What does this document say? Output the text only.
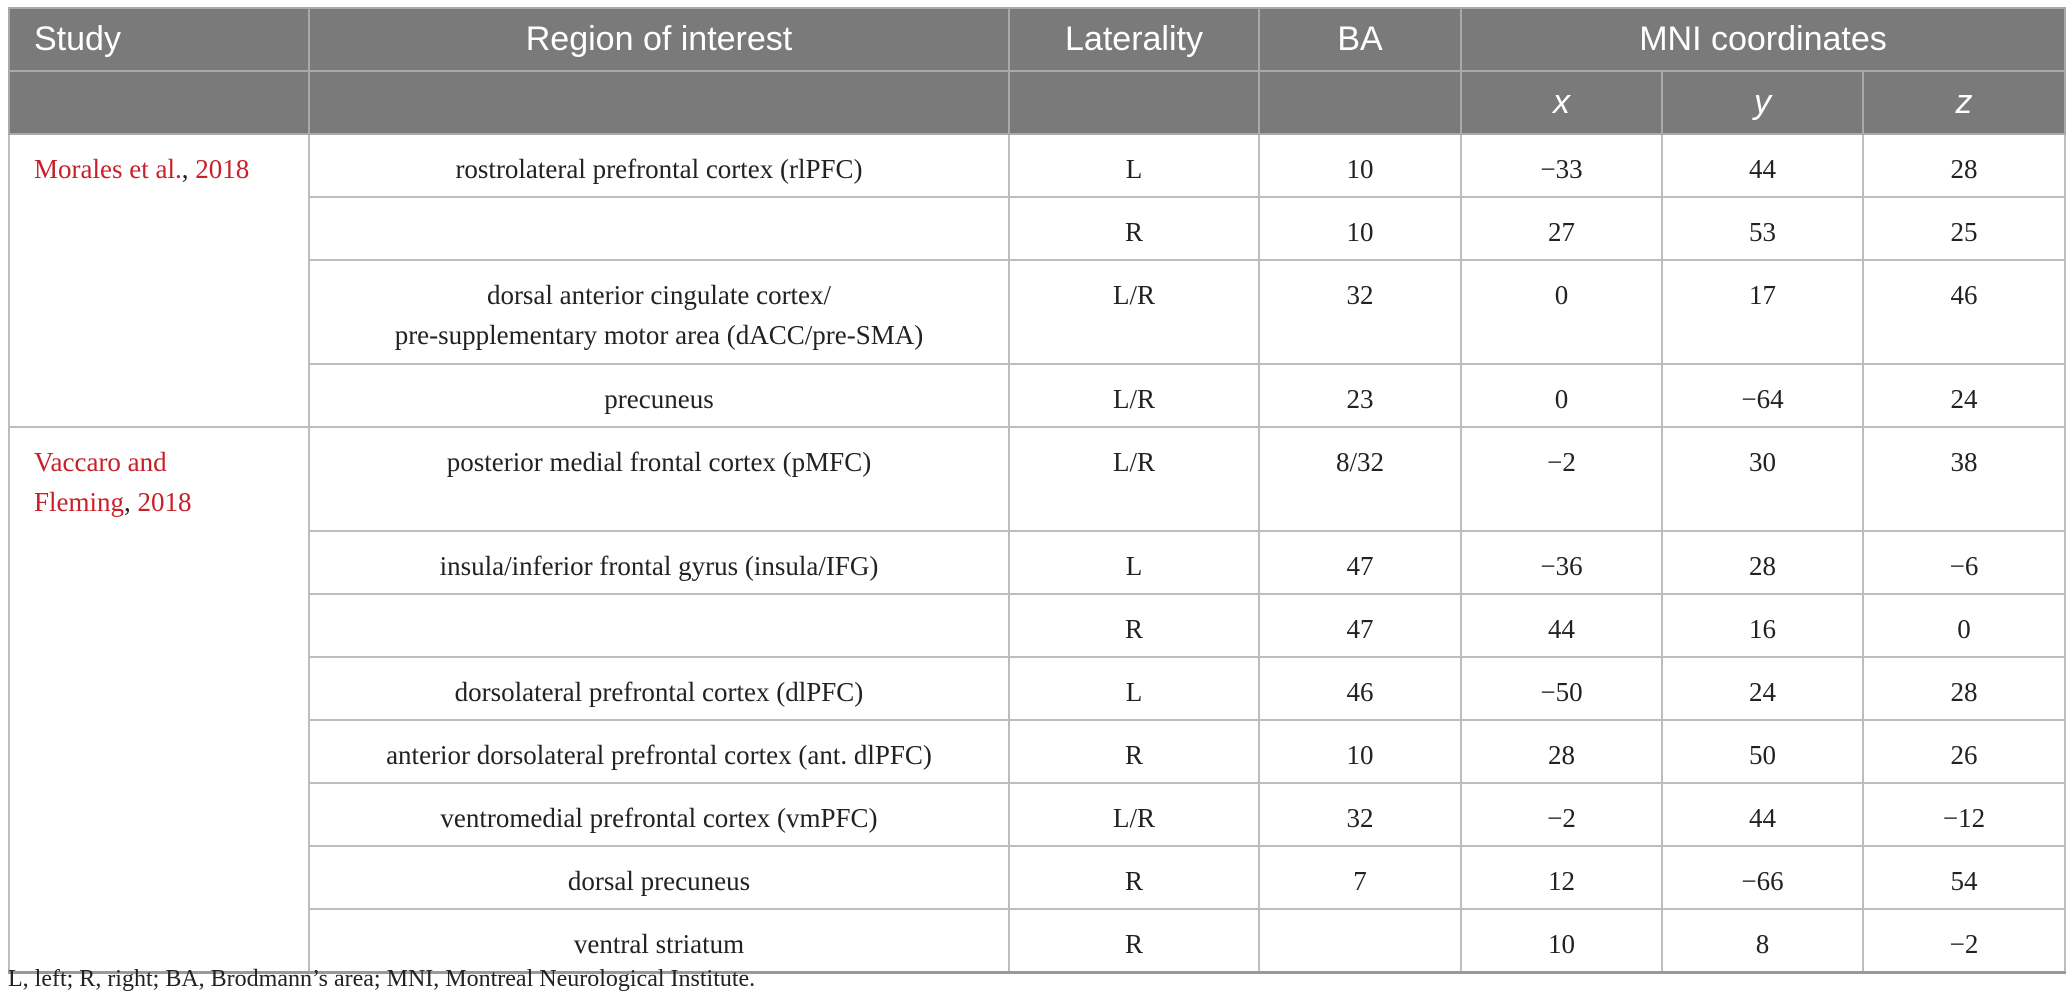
Study	Region of interest	Laterality	BA	MNI coordinates		
				x	y	z
Morales et al., 2018	rostrolateral prefrontal cortex (rlPFC)	L	10	−33	44	28
		R	10	27	53	25
	dorsal anterior cingulate cortex/
pre-supplementary motor area (dACC/pre-SMA)	L/R	32	0	17	46
	precuneus	L/R	23	0	−64	24
Vaccaro and
Fleming, 2018	posterior medial frontal cortex (pMFC)	L/R	8/32	−2	30	38
	insula/inferior frontal gyrus (insula/IFG)	L	47	−36	28	−6
		R	47	44	16	0
	dorsolateral prefrontal cortex (dlPFC)	L	46	−50	24	28
	anterior dorsolateral prefrontal cortex (ant. dlPFC)	R	10	28	50	26
	ventromedial prefrontal cortex (vmPFC)	L/R	32	−2	44	−12
	dorsal precuneus	R	7	12	−66	54
	ventral striatum	R		10	8	−2
L, left; R, right; BA, Brodmann’s area; MNI, Montreal Neurological Institute.
